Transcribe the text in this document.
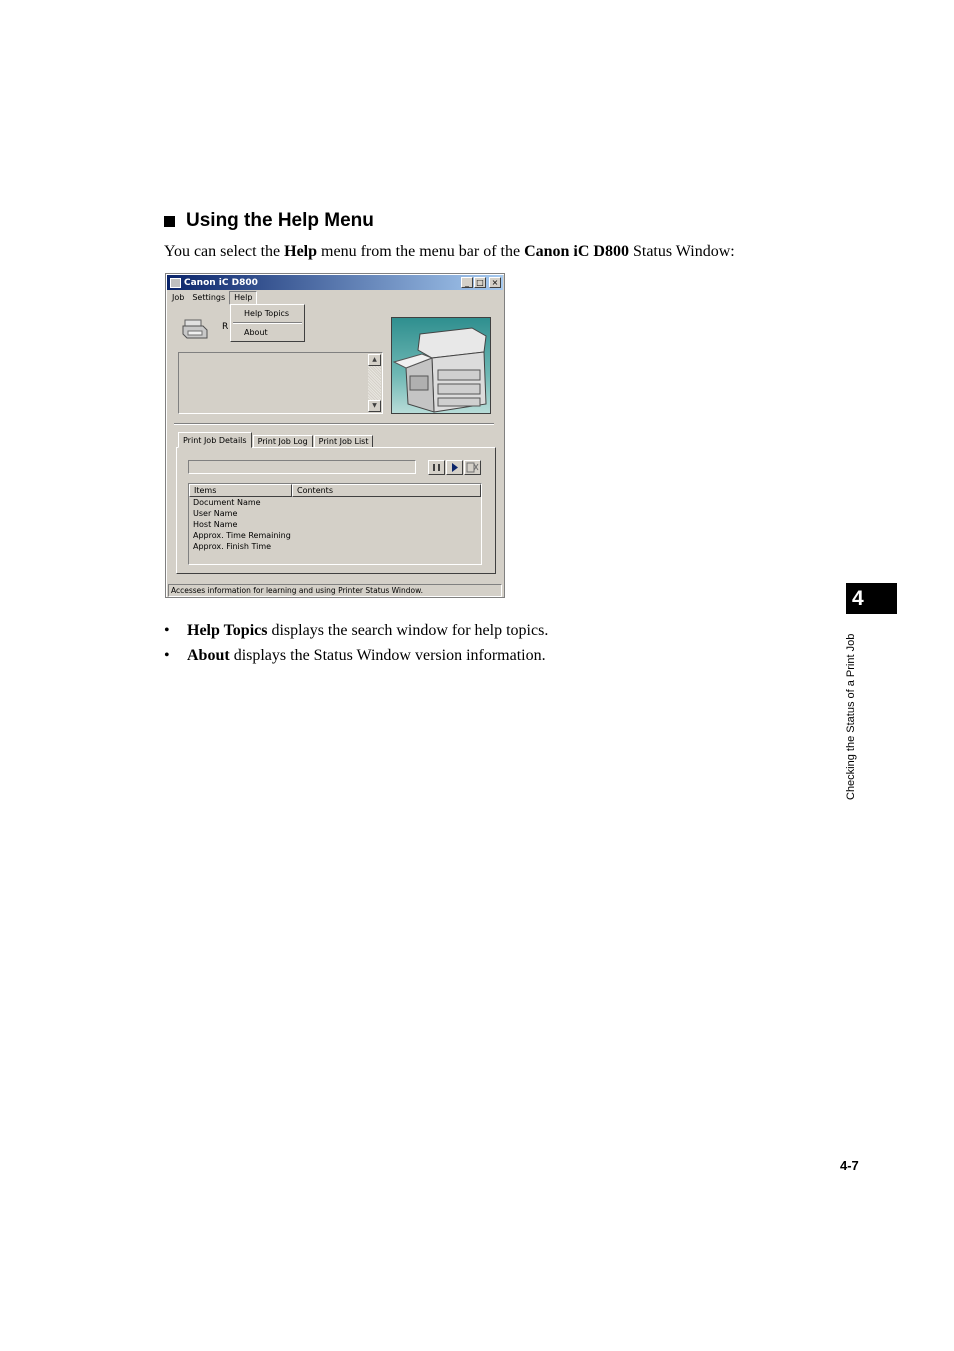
Using the Help Menu
You can select the Help menu from the menu bar of the Canon iC D800 Status Window:
Canon iC D800	_ □ ×
Job	Settings	Help
Help Topics
About
R
▲
▼
Print Job Details	Print Job Log	Print Job List
Items	Contents
Document Name
User Name
Host Name
Approx. Time Remaining
Approx. Finish Time
Accesses information for learning and using Printer Status Window.
•	Help Topics displays the search window for help topics.
•	About displays the Status Window version information.
4
Checking the Status of a Print Job
4-7
